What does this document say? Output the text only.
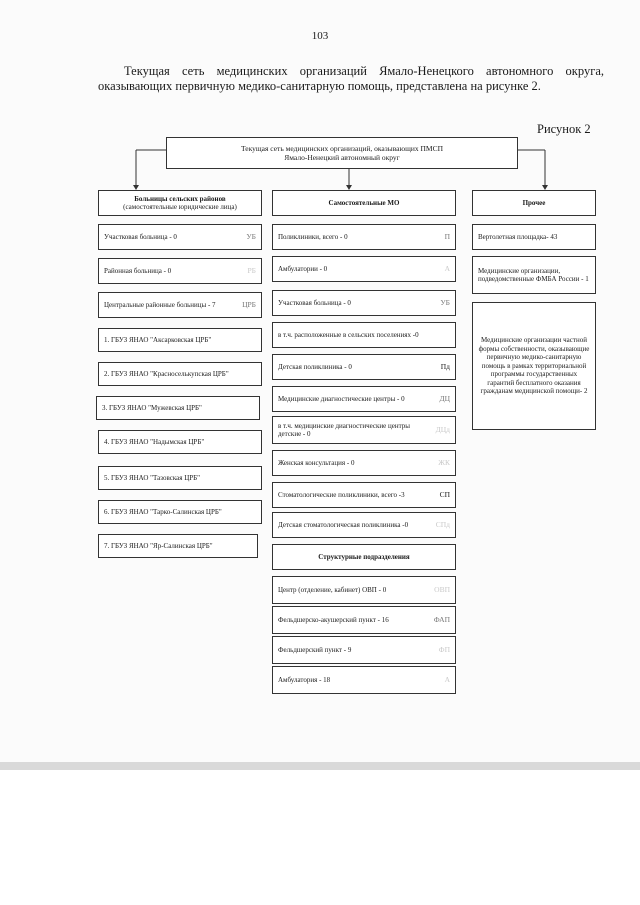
103
Текущая сеть медицинских организаций Ямало-Ненецкого автономного округа, оказывающих первичную медико-санитарную помощь, представлена на рисунке 2.
Рисунок 2
Текущая сеть медицинских организаций, оказывающих ПМСП
Ямало-Ненецкий автономный округ
Больницы сельских районов
(самостоятельные юридические лица)
Участковая больница - 0	УБ
Районная больница - 0	РБ
Центральные районные больницы - 7	ЦРБ
1. ГБУЗ ЯНАО "Аксарковская ЦРБ"
2. ГБУЗ ЯНАО "Красноселькупская ЦРБ"
3. ГБУЗ ЯНАО "Мужевская ЦРБ"
4. ГБУЗ ЯНАО "Надымская ЦРБ"
5. ГБУЗ ЯНАО "Тазовская ЦРБ"
6. ГБУЗ ЯНАО "Тарко-Салинская ЦРБ"
7. ГБУЗ ЯНАО "Яр-Салинская ЦРБ"
Самостоятельные МО
Поликлиники, всего - 0	П
Амбулатории - 0	А
Участковая больница - 0	УБ
в т.ч. расположенные в сельских поселениях -0
Детская поликлиника - 0	Пд
Медицинские диагностические центры - 0	ДЦ
в т.ч. медицинские диагностические центры детские - 0
ДЦд
Женская консультация - 0	ЖК
Стоматологические поликлиники, всего -3	СП
Детская стоматологическая поликлиника -0	СПд
Структурные подразделения
Центр (отделение, кабинет) ОВП - 0	ОВП
Фельдшерско-акушерский пункт - 16	ФАП
Фельдшерский пункт - 9	ФП
Амбулатория - 18	А
Прочее
Вертолетная площадка- 43
Медицинские организации, подведомственные ФМБА России - 1
Медицинские организации частной формы собственности, оказывающие первичную медико-санитарную помощь в рамках территориальной программы государственных гарантий бесплатного оказания гражданам медицинской помощи- 2
